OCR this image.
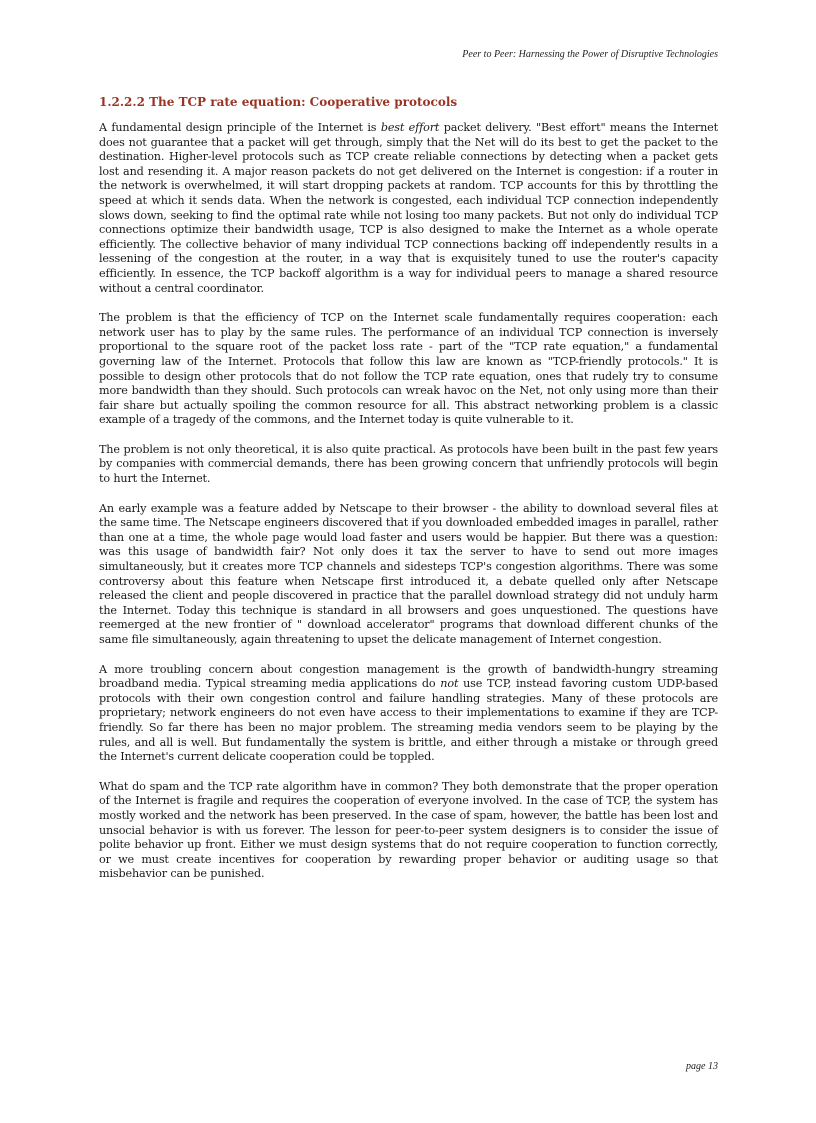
Peer to Peer: Harnessing the Power of Disruptive Technologies
1.2.2.2 The TCP rate equation: Cooperative protocols

A fundamental design principle of the Internet is best effort packet delivery. "Best effort" means the Internet does not guarantee that a packet will get through, simply that the Net will do its best to get the packet to the destination. Higher-level protocols such as TCP create reliable connections by detecting when a packet gets lost and resending it. A major reason packets do not get delivered on the Internet is congestion: if a router in the network is overwhelmed, it will start dropping packets at random. TCP accounts for this by throttling the speed at which it sends data. When the network is congested, each individual TCP connection independently slows down, seeking to find the optimal rate while not losing too many packets. But not only do individual TCP connections optimize their bandwidth usage, TCP is also designed to make the Internet as a whole operate efficiently. The collective behavior of many individual TCP connections backing off independently results in a lessening of the congestion at the router, in a way that is exquisitely tuned to use the router's capacity efficiently. In essence, the TCP backoff algorithm is a way for individual peers to manage a shared resource without a central coordinator.

The problem is that the efficiency of TCP on the Internet scale fundamentally requires cooperation: each network user has to play by the same rules. The performance of an individual TCP connection is inversely proportional to the square root of the packet loss rate - part of the "TCP rate equation," a fundamental governing law of the Internet. Protocols that follow this law are known as "TCP-friendly protocols." It is possible to design other protocols that do not follow the TCP rate equation, ones that rudely try to consume more bandwidth than they should. Such protocols can wreak havoc on the Net, not only using more than their fair share but actually spoiling the common resource for all. This abstract networking problem is a classic example of a tragedy of the commons, and the Internet today is quite vulnerable to it.

The problem is not only theoretical, it is also quite practical. As protocols have been built in the past few years by companies with commercial demands, there has been growing concern that unfriendly protocols will begin to hurt the Internet.

An early example was a feature added by Netscape to their browser - the ability to download several files at the same time. The Netscape engineers discovered that if you downloaded embedded images in parallel, rather than one at a time, the whole page would load faster and users would be happier. But there was a question: was this usage of bandwidth fair? Not only does it tax the server to have to send out more images simultaneously, but it creates more TCP channels and sidesteps TCP's congestion algorithms. There was some controversy about this feature when Netscape first introduced it, a debate quelled only after Netscape released the client and people discovered in practice that the parallel download strategy did not unduly harm the Internet. Today this technique is standard in all browsers and goes unquestioned. The questions have reemerged at the new frontier of " download accelerator" programs that download different chunks of the same file simultaneously, again threatening to upset the delicate management of Internet congestion.

A more troubling concern about congestion management is the growth of bandwidth-hungry streaming broadband media. Typical streaming media applications do not use TCP, instead favoring custom UDP-based protocols with their own congestion control and failure handling strategies. Many of these protocols are proprietary; network engineers do not even have access to their implementations to examine if they are TCP-friendly. So far there has been no major problem. The streaming media vendors seem to be playing by the rules, and all is well. But fundamentally the system is brittle, and either through a mistake or through greed the Internet's current delicate cooperation could be toppled.

What do spam and the TCP rate algorithm have in common? They both demonstrate that the proper operation of the Internet is fragile and requires the cooperation of everyone involved. In the case of TCP, the system has mostly worked and the network has been preserved. In the case of spam, however, the battle has been lost and unsocial behavior is with us forever. The lesson for peer-to-peer system designers is to consider the issue of polite behavior up front. Either we must design systems that do not require cooperation to function correctly, or we must create incentives for cooperation by rewarding proper behavior or auditing usage so that misbehavior can be punished.

page 13
